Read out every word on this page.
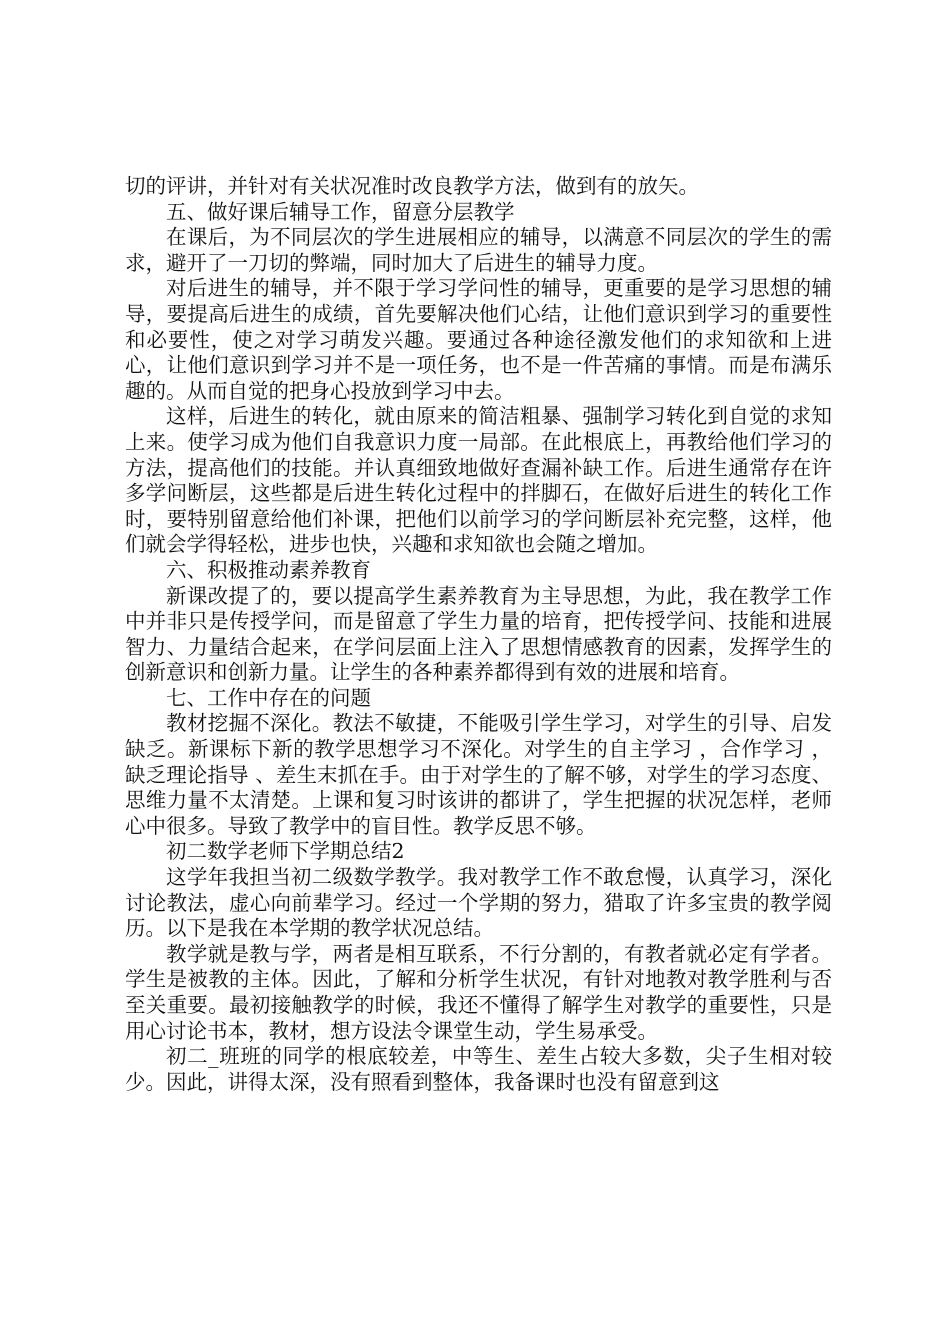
切的评讲，并针对有关状况准时改良教学方法，做到有的放矢。

五、做好课后辅导工作，留意分层教学

在课后，为不同层次的学生进展相应的辅导，以满意不同层次的学生的需求，避开了一刀切的弊端，同时加大了后进生的辅导力度。

对后进生的辅导，并不限于学习学问性的辅导，更重要的是学习思想的辅导，要提高后进生的成绩，首先要解决他们心结，让他们意识到学习的重要性和必要性，使之对学习萌发兴趣。要通过各种途径激发他们的求知欲和上进心，让他们意识到学习并不是一项任务，也不是一件苦痛的事情。而是布满乐趣的。从而自觉的把身心投放到学习中去。

这样，后进生的转化，就由原来的简洁粗暴、强制学习转化到自觉的求知上来。使学习成为他们自我意识力度一局部。在此根底上，再教给他们学习的方法，提高他们的技能。并认真细致地做好查漏补缺工作。后进生通常存在许多学问断层，这些都是后进生转化过程中的拌脚石，在做好后进生的转化工作时，要特别留意给他们补课，把他们以前学习的学问断层补充完整，这样，他们就会学得轻松，进步也快，兴趣和求知欲也会随之增加。

六、积极推动素养教育

新课改提了的，要以提高学生素养教育为主导思想，为此，我在教学工作中并非只是传授学问，而是留意了学生力量的培育，把传授学问、技能和进展智力、力量结合起来，在学问层面上注入了思想情感教育的因素，发挥学生的创新意识和创新力量。让学生的各种素养都得到有效的进展和培育。

七、工作中存在的问题

教材挖掘不深化。教法不敏捷，不能吸引学生学习，对学生的引导、启发缺乏。新课标下新的教学思想学习不深化。对学生的自主学习 ，合作学习 ， 缺乏理论指导 、差生末抓在手。由于对学生的了解不够，对学生的学习态度、思维力量不太清楚。上课和复习时该讲的都讲了，学生把握的状况怎样，老师心中很多。导致了教学中的盲目性。教学反思不够。

初二数学老师下学期总结2

这学年我担当初二级数学教学。我对教学工作不敢怠慢，认真学习，深化讨论教法，虚心向前辈学习。经过一个学期的努力，猎取了许多宝贵的教学阅历。以下是我在本学期的教学状况总结。

教学就是教与学，两者是相互联系，不行分割的，有教者就必定有学者。学生是被教的主体。因此，了解和分析学生状况，有针对地教对教学胜利与否至关重要。最初接触教学的时候，我还不懂得了解学生对教学的重要性，只是用心讨论书本，教材，想方设法令课堂生动，学生易承受。

初二_班班的同学的根底较差，中等生、差生占较大多数，尖子生相对较少。因此，讲得太深，没有照看到整体，我备课时也没有留意到这
